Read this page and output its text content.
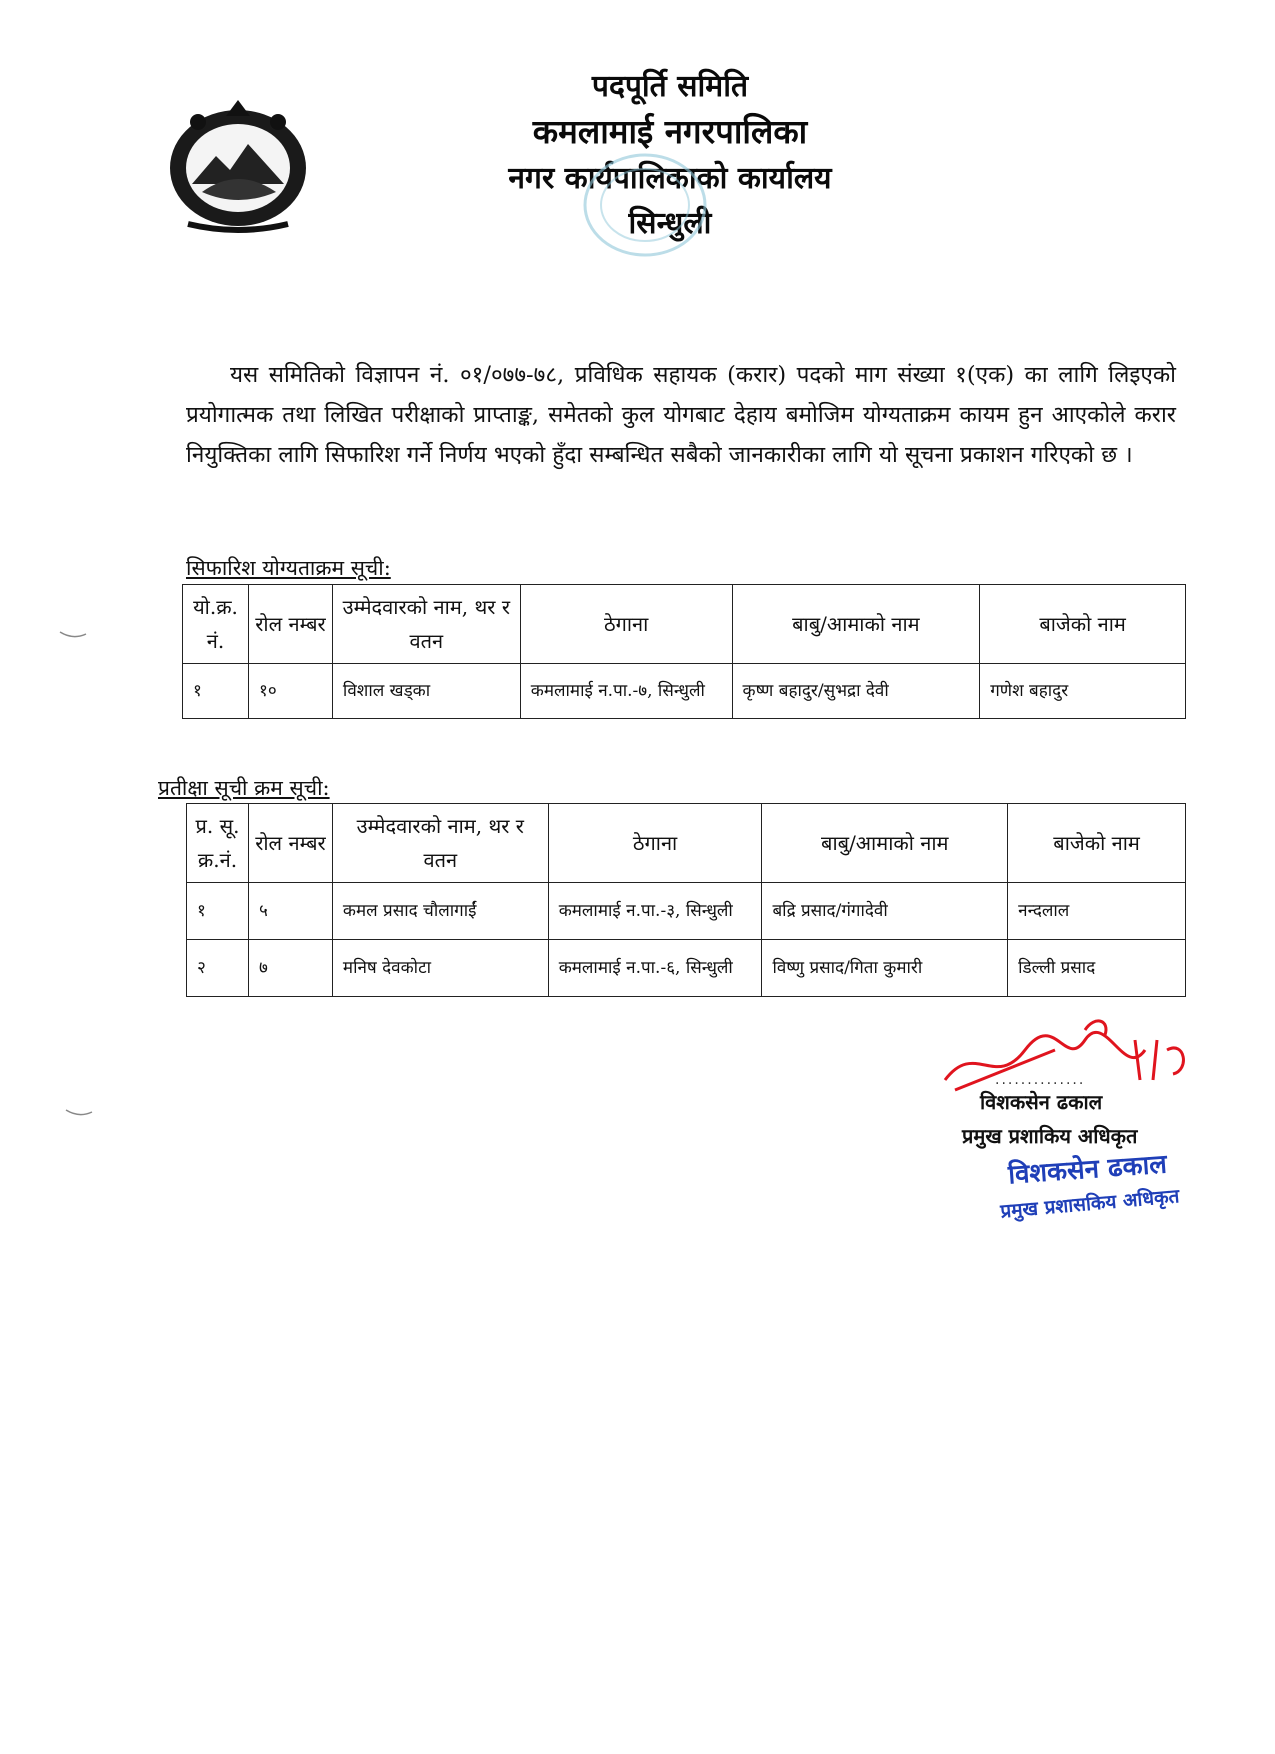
पदपूर्ति समिति
कमलामाई नगरपालिका
नगर कार्यपालिकाको कार्यालय
सिन्धुली
यस समितिको विज्ञापन नं. ०१/०७७-७८, प्रविधिक सहायक (करार) पदको माग संख्या १(एक) का लागि लिइएको प्रयोगात्मक तथा लिखित परीक्षाको प्राप्ताङ्क, समेतको कुल योगबाट देहाय बमोजिम योग्यताक्रम कायम हुन आएकोले करार नियुक्तिका लागि सिफारिश गर्ने निर्णय भएको हुँदा सम्बन्धित सबैको जानकारीका लागि यो सूचना प्रकाशन गरिएको छ ।
सिफारिश योग्यताक्रम सूची:
यो.क्र. नं.	रोल नम्बर	उम्मेदवारको नाम, थर र वतन	ठेगाना	बाबु/आमाको नाम	बाजेको नाम
१	१०	विशाल खड्का	कमलामाई न.पा.-७, सिन्धुली	कृष्ण बहादुर/सुभद्रा देवी	गणेश बहादुर
प्रतीक्षा सूची क्रम सूची:
प्र. सू. क्र.नं.	रोल नम्बर	उम्मेदवारको नाम, थर र वतन	ठेगाना	बाबु/आमाको नाम	बाजेको नाम
१	५	कमल प्रसाद चौलागाईं	कमलामाई न.पा.-३, सिन्धुली	बद्रि प्रसाद/गंगादेवी	नन्दलाल
२	७	मनिष देवकोटा	कमलामाई न.पा.-६, सिन्धुली	विष्णु प्रसाद/गिता कुमारी	डिल्ली प्रसाद
..............
विशकसेन ढकाल
प्रमुख प्रशाकिय अधिकृत
विशकसेन ढकाल
प्रमुख प्रशासकिय अधिकृत
